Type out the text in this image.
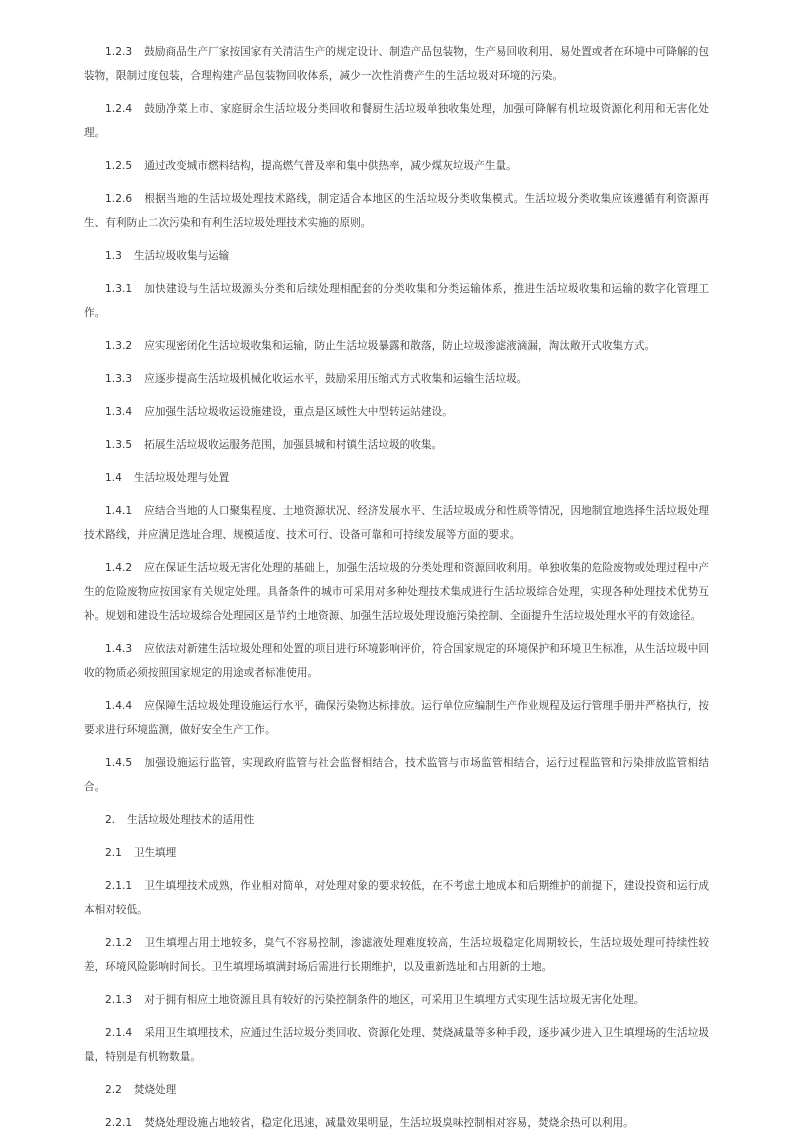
1.2.3 鼓励商品生产厂家按国家有关清洁生产的规定设计、制造产品包装物，生产易回收利用、易处置或者在环境中可降解的包装物，限制过度包装，合理构建产品包装物回收体系，减少一次性消费产生的生活垃圾对环境的污染。

1.2.4 鼓励净菜上市、家庭厨余生活垃圾分类回收和餐厨生活垃圾单独收集处理，加强可降解有机垃圾资源化利用和无害化处理。

1.2.5 通过改变城市燃料结构，提高燃气普及率和集中供热率，减少煤灰垃圾产生量。

1.2.6 根据当地的生活垃圾处理技术路线，制定适合本地区的生活垃圾分类收集模式。生活垃圾分类收集应该遵循有利资源再生、有利防止二次污染和有利生活垃圾处理技术实施的原则。

1.3 生活垃圾收集与运输

1.3.1 加快建设与生活垃圾源头分类和后续处理相配套的分类收集和分类运输体系，推进生活垃圾收集和运输的数字化管理工作。

1.3.2 应实现密闭化生活垃圾收集和运输，防止生活垃圾暴露和散落，防止垃圾渗滤液滴漏，淘汰敞开式收集方式。

1.3.3 应逐步提高生活垃圾机械化收运水平，鼓励采用压缩式方式收集和运输生活垃圾。

1.3.4 应加强生活垃圾收运设施建设，重点是区域性大中型转运站建设。

1.3.5 拓展生活垃圾收运服务范围，加强县城和村镇生活垃圾的收集。

1.4 生活垃圾处理与处置

1.4.1 应结合当地的人口聚集程度、土地资源状况、经济发展水平、生活垃圾成分和性质等情况，因地制宜地选择生活垃圾处理技术路线，并应满足选址合理、规模适度、技术可行、设备可靠和可持续发展等方面的要求。

1.4.2 应在保证生活垃圾无害化处理的基础上，加强生活垃圾的分类处理和资源回收利用。单独收集的危险废物或处理过程中产生的危险废物应按国家有关规定处理。具备条件的城市可采用对多种处理技术集成进行生活垃圾综合处理，实现各种处理技术优势互补。规划和建设生活垃圾综合处理园区是节约土地资源、加强生活垃圾处理设施污染控制、全面提升生活垃圾处理水平的有效途径。

1.4.3 应依法对新建生活垃圾处理和处置的项目进行环境影响评价，符合国家规定的环境保护和环境卫生标准，从生活垃圾中回收的物质必须按照国家规定的用途或者标准使用。

1.4.4 应保障生活垃圾处理设施运行水平，确保污染物达标排放。运行单位应编制生产作业规程及运行管理手册并严格执行，按要求进行环境监测，做好安全生产工作。

1.4.5 加强设施运行监管，实现政府监管与社会监督相结合，技术监管与市场监管相结合，运行过程监管和污染排放监管相结合。

2. 生活垃圾处理技术的适用性

2.1 卫生填埋

2.1.1 卫生填埋技术成熟，作业相对简单，对处理对象的要求较低，在不考虑土地成本和后期维护的前提下，建设投资和运行成本相对较低。

2.1.2 卫生填埋占用土地较多，臭气不容易控制，渗滤液处理难度较高，生活垃圾稳定化周期较长，生活垃圾处理可持续性较差，环境风险影响时间长。卫生填埋场填满封场后需进行长期维护，以及重新选址和占用新的土地。

2.1.3 对于拥有相应土地资源且具有较好的污染控制条件的地区，可采用卫生填埋方式实现生活垃圾无害化处理。

2.1.4 采用卫生填埋技术，应通过生活垃圾分类回收、资源化处理、焚烧减量等多种手段，逐步减少进入卫生填埋场的生活垃圾量，特别是有机物数量。

2.2 焚烧处理

2.2.1 焚烧处理设施占地较省，稳定化迅速，减量效果明显，生活垃圾臭味控制相对容易，焚烧余热可以利用。
